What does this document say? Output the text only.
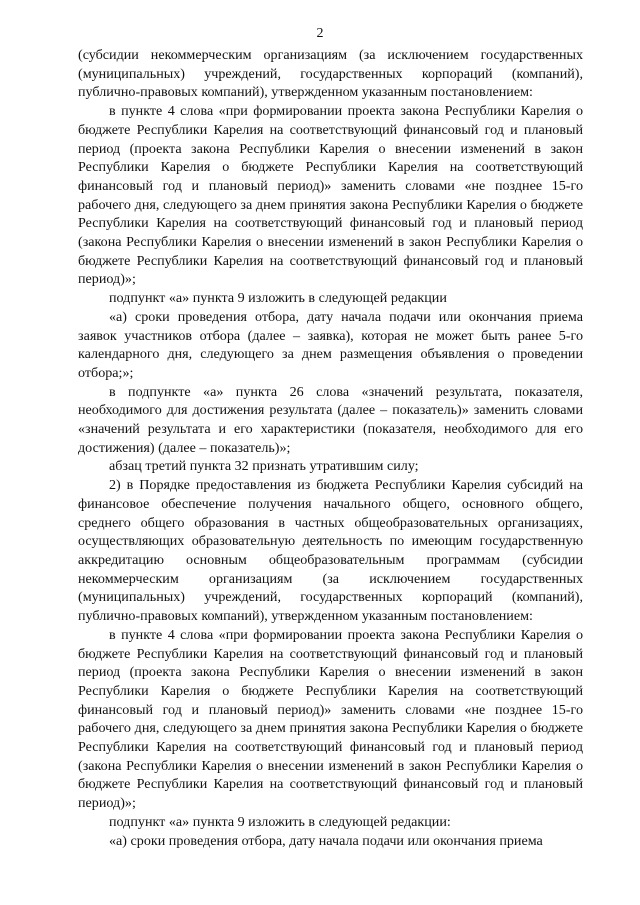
2

(субсидии некоммерческим организациям (за исключением государственных (муниципальных) учреждений, государственных корпораций (компаний), публично-правовых компаний), утвержденном указанным постановлением:

в пункте 4 слова «при формировании проекта закона Республики Карелия о бюджете Республики Карелия на соответствующий финансовый год и плановый период (проекта закона Республики Карелия о внесении изменений в закон Республики Карелия о бюджете Республики Карелия на соответствующий финансовый год и плановый период)» заменить словами «не позднее 15-го рабочего дня, следующего за днем принятия закона Республики Карелия о бюджете Республики Карелия на соответствующий финансовый год и плановый период (закона Республики Карелия о внесении изменений в закон Республики Карелия о бюджете Республики Карелия на соответствующий финансовый год и плановый период)»;

подпункт «а» пункта 9 изложить в следующей редакции

«а) сроки проведения отбора, дату начала подачи или окончания приема заявок участников отбора (далее – заявка), которая не может быть ранее 5-го календарного дня, следующего за днем размещения объявления о проведении отбора;»;

в подпункте «а» пункта 26 слова «значений результата, показателя, необходимого для достижения результата (далее – показатель)» заменить словами «значений результата и его характеристики (показателя, необходимого для его достижения) (далее – показатель)»;

абзац третий пункта 32 признать утратившим силу;

2) в Порядке предоставления из бюджета Республики Карелия субсидий на финансовое обеспечение получения начального общего, основного общего, среднего общего образования в частных общеобразовательных организациях, осуществляющих образовательную деятельность по имеющим государственную аккредитацию основным общеобразовательным программам (субсидии некоммерческим организациям (за исключением государственных (муниципальных) учреждений, государственных корпораций (компаний), публично-правовых компаний), утвержденном указанным постановлением:

в пункте 4 слова «при формировании проекта закона Республики Карелия о бюджете Республики Карелия на соответствующий финансовый год и плановый период (проекта закона Республики Карелия о внесении изменений в закон Республики Карелия о бюджете Республики Карелия на соответствующий финансовый год и плановый период)» заменить словами «не позднее 15-го рабочего дня, следующего за днем принятия закона Республики Карелия о бюджете Республики Карелия на соответствующий финансовый год и плановый период (закона Республики Карелия о внесении изменений в закон Республики Карелия о бюджете Республики Карелия на соответствующий финансовый год и плановый период)»;

подпункт «а» пункта 9 изложить в следующей редакции:

«а) сроки проведения отбора, дату начала подачи или окончания приема
